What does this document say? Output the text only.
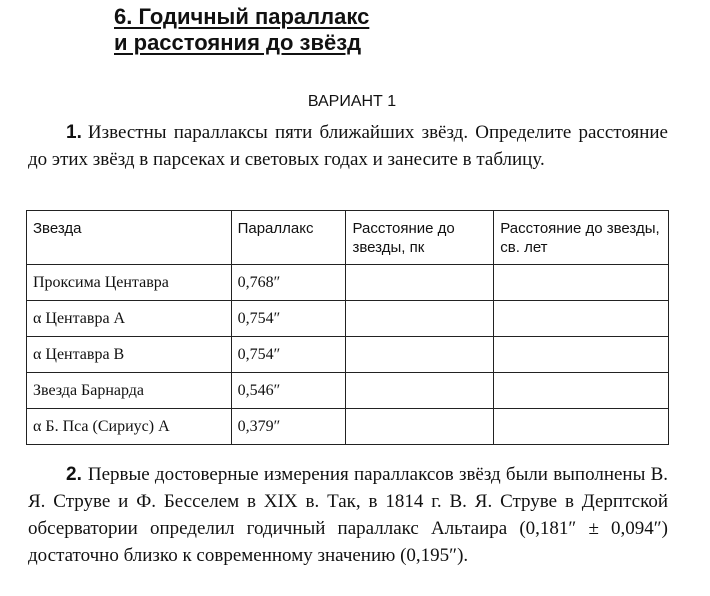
6. Годичный параллакс
и расстояния до звёзд
ВАРИАНТ 1
1. Известны параллаксы пяти ближайших звёзд. Определите расстояние до этих звёзд в парсеках и световых годах и занесите в таблицу.
Звезда	Параллакс	Расстояние до звезды, пк	Расстояние до звезды, св. лет
Проксима Центавра	0,768″		
α Центавра А	0,754″		
α Центавра В	0,754″		
Звезда Барнарда	0,546″		
α Б. Пса (Сириус) А	0,379″		
2. Первые достоверные измерения параллаксов звёзд были выполнены В. Я. Струве и Ф. Бесселем в XIX в. Так, в 1814 г. В. Я. Струве в Дерптской обсерватории определил годичный параллакс Альтаира (0,181″ ± 0,094″) достаточно близко к современному значению (0,195″).
